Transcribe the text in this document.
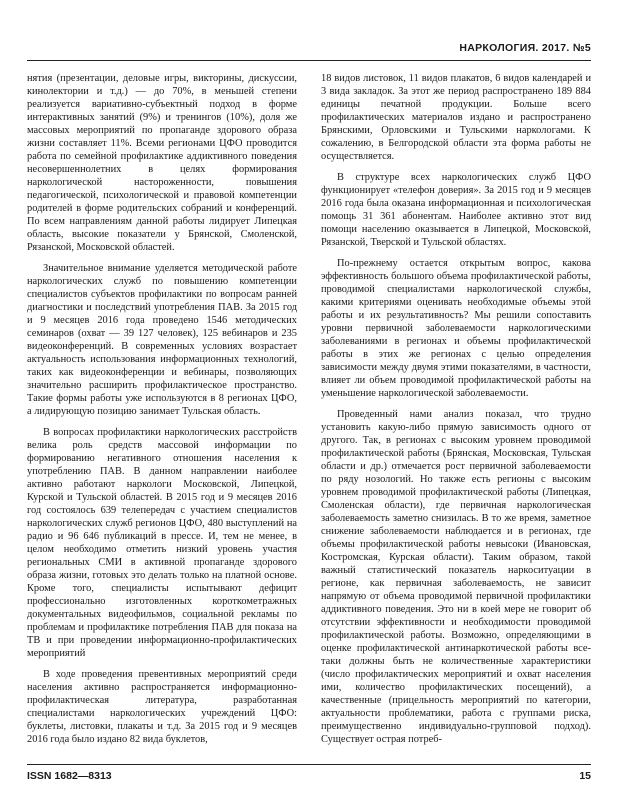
НАРКОЛОГИЯ. 2017. №5

нятия (презентации, деловые игры, викторины, дискуссии, кинолектории и т.д.) — до 70%, в меньшей степени реализуется вариативно-субъектный подход в форме интерактивных занятий (9%) и тренингов (10%), доля же массовых мероприятий по пропаганде здорового образа жизни составляет 11%. Всеми регионами ЦФО проводится работа по семейной профилактике аддиктивного поведения несовершеннолетних в целях формирования наркологической настороженности, повышения педагогической, психологической и правовой компетенции родителей в форме родительских собраний и конференций. По всем направлениям данной работы лидирует Липецкая область, высокие показатели у Брянской, Смоленской, Рязанской, Московской областей.

Значительное внимание уделяется методической работе наркологических служб по повышению компетенции специалистов субъектов профилактики по вопросам ранней диагностики и последствий употребления ПАВ. За 2015 год и 9 месяцев 2016 года проведено 1546 методических семинаров (охват — 39 127 человек), 125 вебинаров и 235 видеоконференций. В современных условиях возрастает актуальность использования информационных технологий, таких как видеоконференции и вебинары, позволяющих значительно расширить профилактическое пространство. Такие формы работы уже используются в 8 регионах ЦФО, а лидирующую позицию занимает Тульская область.

В вопросах профилактики наркологических расстройств велика роль средств массовой информации по формированию негативного отношения населения к употреблению ПАВ. В данном направлении наиболее активно работают наркологи Московской, Липецкой, Курской и Тульской областей. В 2015 год и 9 месяцев 2016 год состоялось 639 телепередач с участием специалистов наркологических служб регионов ЦФО, 480 выступлений на радио и 96 646 публикаций в прессе. И, тем не менее, в целом необходимо отметить низкий уровень участия региональных СМИ в активной пропаганде здорового образа жизни, готовых это делать только на платной основе. Кроме того, специалисты испытывают дефицит профессионально изготовленных короткометражных документальных видеофильмов, социальной рекламы по проблемам и профилактике потребления ПАВ для показа на ТВ и при проведении информационно-профилактических мероприятий

В ходе проведения превентивных мероприятий среди населения активно распространяется информационно-профилактическая литература, разработанная специалистами наркологических учреждений ЦФО: буклеты, листовки, плакаты и т.д. За 2015 год и 9 месяцев 2016 года было издано 82 вида буклетов,

18 видов листовок, 11 видов плакатов, 6 видов календарей и 3 вида закладок. За этот же период распространено 189 884 единицы печатной продукции. Больше всего профилактических материалов издано и распространено Брянскими, Орловскими и Тульскими наркологами. К сожалению, в Белгородской области эта форма работы не осуществляется.

В структуре всех наркологических служб ЦФО функционирует «телефон доверия». За 2015 год и 9 месяцев 2016 года была оказана информационная и психологическая помощь 31 361 абонентам. Наиболее активно этот вид помощи населению оказывается в Липецкой, Московской, Рязанской, Тверской и Тульской областях.

По-прежнему остается открытым вопрос, какова эффективность большого объема профилактической работы, проводимой специалистами наркологической службы, какими критериями оценивать необходимые объемы этой работы и их результативность? Мы решили сопоставить уровни первичной заболеваемости наркологическими заболеваниями в регионах и объемы профилактической работы в этих же регионах с целью определения зависимости между двумя этими показателями, в частности, влияет ли объем проводимой профилактической работы на уменьшение наркологической заболеваемости.

Проведенный нами анализ показал, что трудно установить какую-либо прямую зависимость одного от другого. Так, в регионах с высоким уровнем проводимой профилактической работы (Брянская, Московская, Тульская области и др.) отмечается рост первичной заболеваемости по ряду нозологий. Но также есть регионы с высоким уровнем проводимой профилактической работы (Липецкая, Смоленская области), где первичная наркологическая заболеваемость заметно снизилась. В то же время, заметное снижение заболеваемости наблюдается и в регионах, где объемы профилактической работы невысоки (Ивановская, Костромская, Курская области). Таким образом, такой важный статистический показатель наркоситуации в регионе, как первичная заболеваемость, не зависит напрямую от объема проводимой первичной профилактики аддиктивного поведения. Это ни в коей мере не говорит об отсутствии эффективности и необходимости проводимой профилактической работы. Возможно, определяющими в оценке профилактической антинаркотической работы все-таки должны быть не количественные характеристики (число профилактических мероприятий и охват населения ими, количество профилактических посещений), а качественные (прицельность мероприятий по категории, актуальности проблематики, работа с группами риска, преимущественно индивидуально-групповой подход). Существует острая потреб-

ISSN 1682—8313	15
